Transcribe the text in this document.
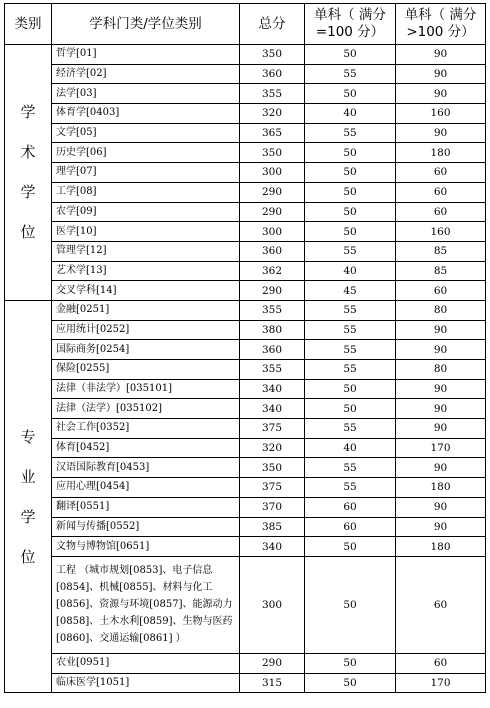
类别	学科门类/学位类别	总分	单科（ 满分=100 分）	单科（ 满分>100 分）

学
术
学
位	哲学[01]	350	50	90
	经济学[02]	360	55	90
	法学[03]	355	50	90
	体育学[0403]	320	40	160
	文学[05]	365	55	90
	历史学[06]	350	50	180
	理学[07]	300	50	60
	工学[08]	290	50	60
	农学[09]	290	50	60
	医学[10]	300	50	160
	管理学[12]	360	55	85
	艺术学[13]	362	40	85
	交叉学科[14]	290	45	60

专
业
学
位	金融[0251]	355	55	80
	应用统计[0252]	380	55	90
	国际商务[0254]	360	55	90
	保险[0255]	355	55	80
	法律（非法学）[035101]	340	50	90
	法律（法学）[035102]	340	50	90
	社会工作[0352]	375	55	90
	体育[0452]	320	40	170
	汉语国际教育[0453]	350	55	90
	应用心理[0454]	375	55	180
	翻译[0551]	370	60	90
	新闻与传播[0552]	385	60	90
	文物与博物馆[0651]	340	50	180
	工程 （城市规划[0853]、电子信息[0854]、机械[0855]、材料与化工[0856]、资源与环境[0857]、能源动力[0858]、土木水利[0859]、生物与医药[0860]、交通运输[0861] ）	300	50	60
	农业[0951]	290	50	60
	临床医学[1051]	315	50	170
